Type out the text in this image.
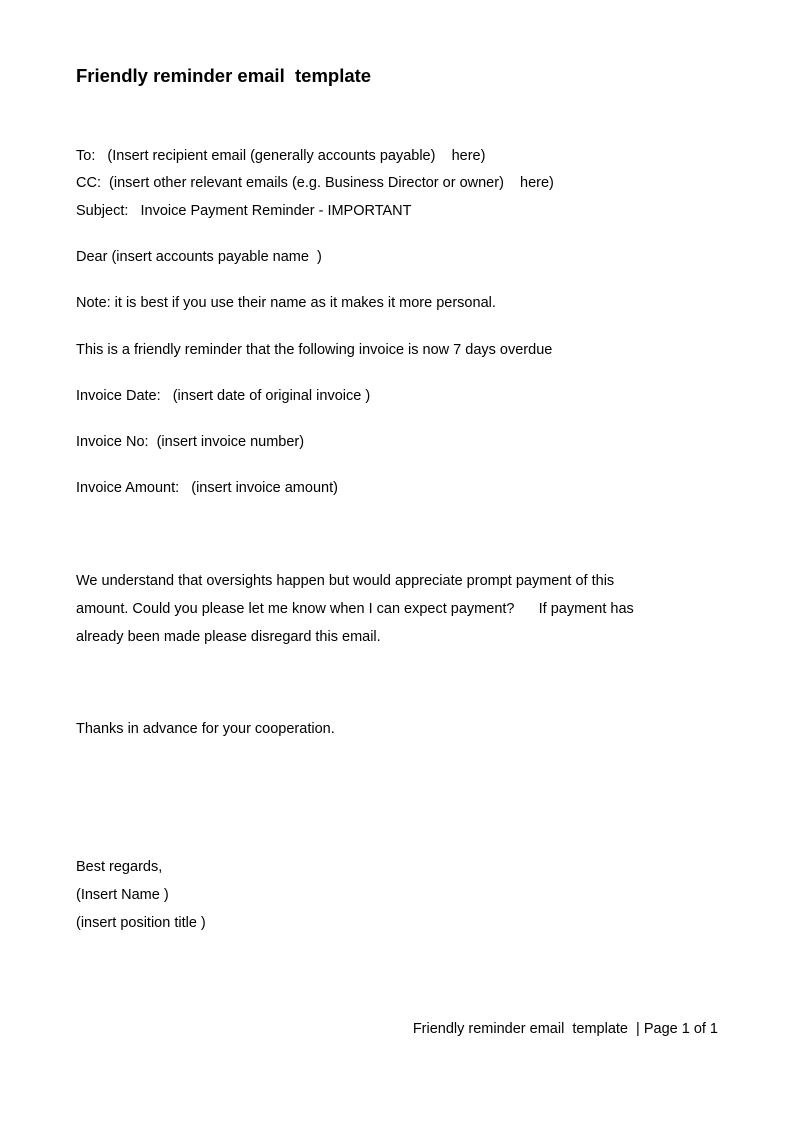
Friendly reminder email  template
To:   (Insert recipient email (generally accounts payable)    here)
CC:  (insert other relevant emails (e.g. Business Director or owner)    here)
Subject:   Invoice Payment Reminder - IMPORTANT
Dear (insert accounts payable name  )
Note: it is best if you use their name as it makes it more personal.
This is a friendly reminder that the following invoice is now 7 days overdue
Invoice Date:   (insert date of original invoice )
Invoice No:  (insert invoice number)
Invoice Amount:   (insert invoice amount)
We understand that oversights happen but would appreciate prompt payment of this
amount. Could you please let me know when I can expect payment?      If payment has
already been made please disregard this email.
Thanks in advance for your cooperation.
Best regards,
(Insert Name )
(insert position title )
Friendly reminder email  template  | Page 1 of 1
